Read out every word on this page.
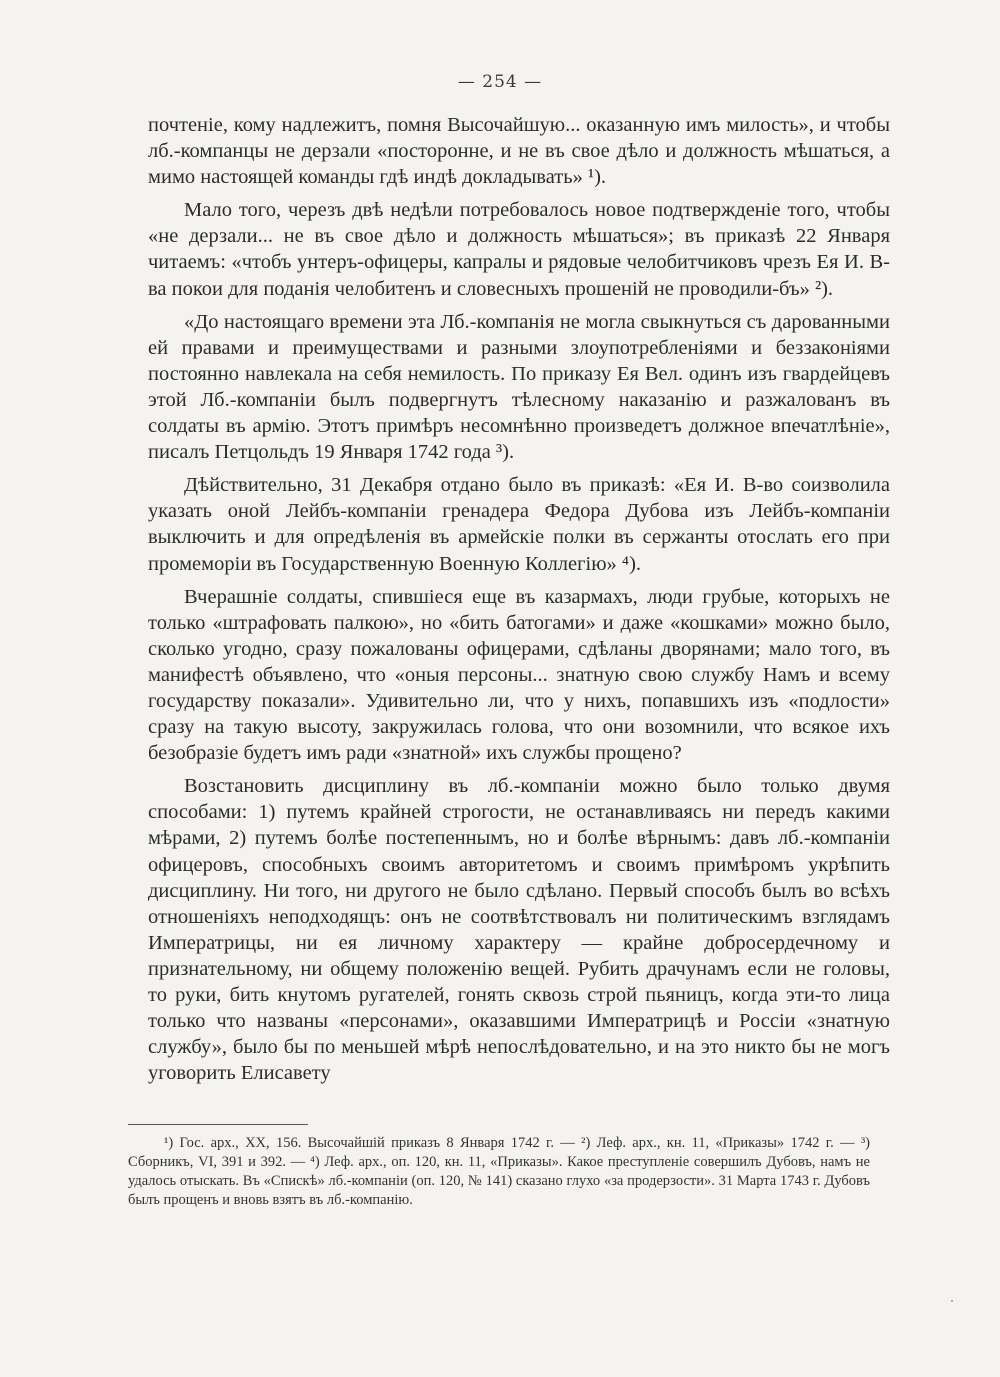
— 254 —

почтенiе, кому надлежитъ, помня Высочайшую... оказанную имъ милость», и чтобы лб.-компанцы не дерзали «посторонне, и не въ свое дѣло и должность мѣшаться, а мимо настоящей команды гдѣ индѣ докладывать» ¹).

Мало того, черезъ двѣ недѣли потребовалось новое подтвержденiе того, чтобы «не дерзали... не въ свое дѣло и должность мѣшаться»; въ приказѣ 22 Января читаемъ: «чтобъ унтеръ-офицеры, капралы и рядовые челобитчиковъ чрезъ Ея И. В-ва покои для поданiя челобитенъ и словесныхъ прошенiй не проводили-бъ» ²).

«До настоящаго времени эта Лб.-компанiя не могла свыкнуться съ дарованными ей правами и преимуществами и разными злоупотребленiями и беззаконiями постоянно навлекала на себя немилость. По приказу Ея Вел. одинъ изъ гвардейцевъ этой Лб.-компанiи былъ подвергнутъ тѣлесному наказанiю и разжалованъ въ солдаты въ армiю. Этотъ примѣръ несомнѣнно произведетъ должное впечатлѣнiе», писалъ Петцольдъ 19 Января 1742 года ³).

Дѣйствительно, 31 Декабря отдано было въ приказѣ: «Ея И. В-во соизволила указать оной Лейбъ-компанiи гренадера Федора Дубова изъ Лейбъ-компанiи выключить и для опредѣленiя въ армейскiе полки въ сержанты отослать его при промеморiи въ Государственную Военную Коллегiю» ⁴).

Вчерашнiе солдаты, спившiеся еще въ казармахъ, люди грубые, которыхъ не только «штрафовать палкою», но «бить батогами» и даже «кошками» можно было, сколько угодно, сразу пожалованы офицерами, сдѣланы дворянами; мало того, въ манифестѣ объявлено, что «оныя персоны... знатную свою службу Намъ и всему государству показали». Удивительно ли, что у нихъ, попавшихъ изъ «подлости» сразу на такую высоту, закружилась голова, что они возомнили, что всякое ихъ безобразiе будетъ имъ ради «знатной» ихъ службы прощено?

Возстановить дисциплину въ лб.-компанiи можно было только двумя способами: 1) путемъ крайней строгости, не останавливаясь ни передъ какими мѣрами, 2) путемъ болѣе постепеннымъ, но и болѣе вѣрнымъ: давъ лб.-компанiи офицеровъ, способныхъ своимъ авторитетомъ и своимъ примѣромъ укрѣпить дисциплину. Ни того, ни другого не было сдѣлано. Первый способъ былъ во всѣхъ отношенiяхъ неподходящъ: онъ не соотвѣтствовалъ ни политическимъ взглядамъ Императрицы, ни ея личному характеру — крайне добросердечному и признательному, ни общему положенiю вещей. Рубить драчунамъ если не головы, то руки, бить кнутомъ ругателей, гонять сквозь строй пьяницъ, когда эти-то лица только что названы «персонами», оказавшими Императрицѣ и Россiи «знатную службу», было бы по меньшей мѣрѣ непослѣдовательно, и на это никто бы не могъ уговорить Елисавету

¹) Гос. арх., XX, 156. Высочайшiй приказъ 8 Января 1742 г. — ²) Леф. арх., кн. 11, «Приказы» 1742 г. — ³) Сборникъ, VI, 391 и 392. — ⁴) Леф. арх., оп. 120, кн. 11, «Приказы». Какое преступленiе совершилъ Дубовъ, намъ не удалось отыскать. Въ «Спискѣ» лб.-компанiи (оп. 120, № 141) сказано глухо «за продерзости». 31 Марта 1743 г. Дубовъ былъ прощенъ и вновь взятъ въ лб.-компанiю.
